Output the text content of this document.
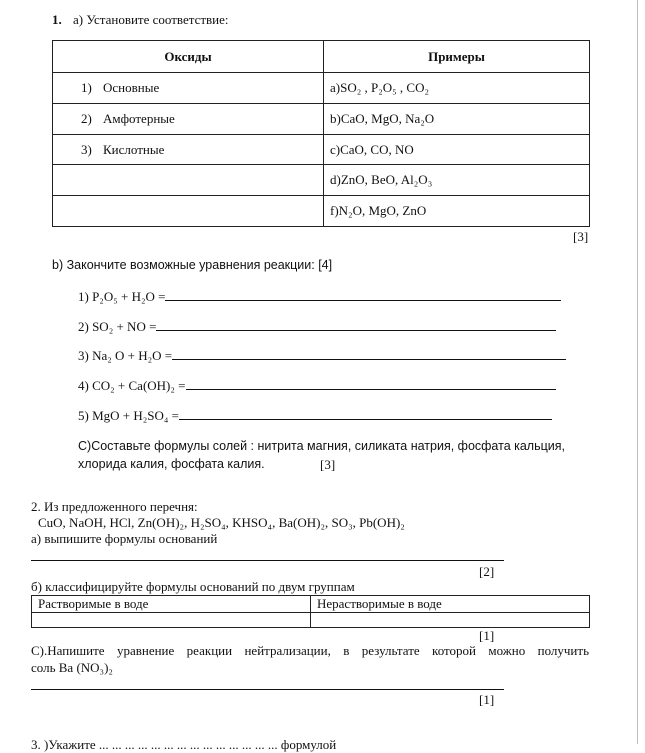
1. а) Установите соответствие:
Оксиды	Примеры
1) Основные	a)SO₂ , P₂O₅ , CO₂
2) Амфотерные	b)CaO, MgO, Na₂O
3) Кислотные	c)CaO, CO, NO
	d)ZnO, BeO, Al₂O₃
	f)N₂O, MgO, ZnO
[3]
b) Закончите возможные уравнения реакции: [4]
1) P₂O₅ + H₂O =
2) SO₂ + NO =
3) Na₂ O + H₂O =
4) CO₂ + Ca(OH)₂ =
5) MgO + H₂SO₄ =
С)Составьте формулы солей : нитрита магния, силиката натрия, фосфата кальция,
хлорида калия, фосфата калия.	[3]
2. Из предложенного перечня:
CuO, NaOH, HCl, Zn(OH)₂, H₂SO₄, KHSO₄, Ba(OH)₂, SO₃, Pb(OH)₂
а) выпишите формулы оснований
[2]
б) классифицируйте формулы оснований по двум группам
Растворимые в воде	Нерастворимые в воде

[1]
С).Напишите уравнение реакции нейтрализации, в результате которой можно получить
соль Ba (NO₃)₂
[1]
3. )Укажите ... ... ... ... ... ... ... ... ... ... ... ... ... ... формулой
